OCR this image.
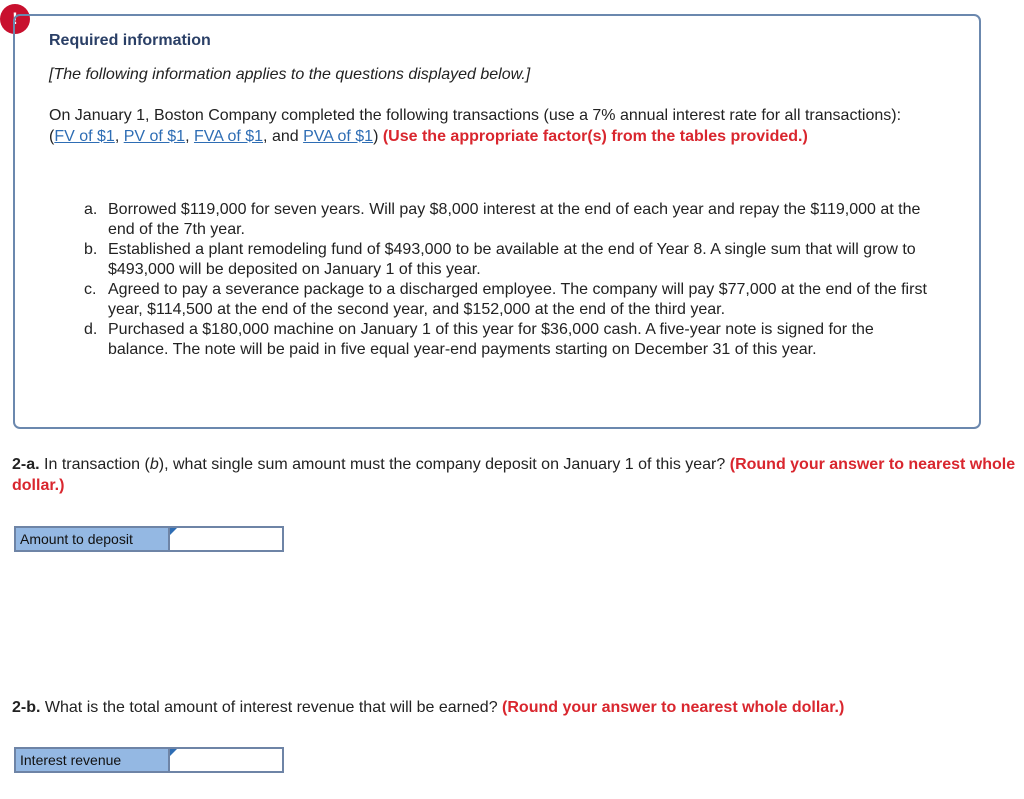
!

Required information

[The following information applies to the questions displayed below.]

On January 1, Boston Company completed the following transactions (use a 7% annual interest rate for all transactions): (FV of $1, PV of $1, FVA of $1, and PVA of $1) (Use the appropriate factor(s) from the tables provided.)

a. Borrowed $119,000 for seven years. Will pay $8,000 interest at the end of each year and repay the $119,000 at the end of the 7th year.
b. Established a plant remodeling fund of $493,000 to be available at the end of Year 8. A single sum that will grow to $493,000 will be deposited on January 1 of this year.
c. Agreed to pay a severance package to a discharged employee. The company will pay $77,000 at the end of the first year, $114,500 at the end of the second year, and $152,000 at the end of the third year.
d. Purchased a $180,000 machine on January 1 of this year for $36,000 cash. A five-year note is signed for the balance. The note will be paid in five equal year-end payments starting on December 31 of this year.

2-a. In transaction (b), what single sum amount must the company deposit on January 1 of this year? (Round your answer to nearest whole dollar.)

Amount to deposit

2-b. What is the total amount of interest revenue that will be earned? (Round your answer to nearest whole dollar.)

Interest revenue
